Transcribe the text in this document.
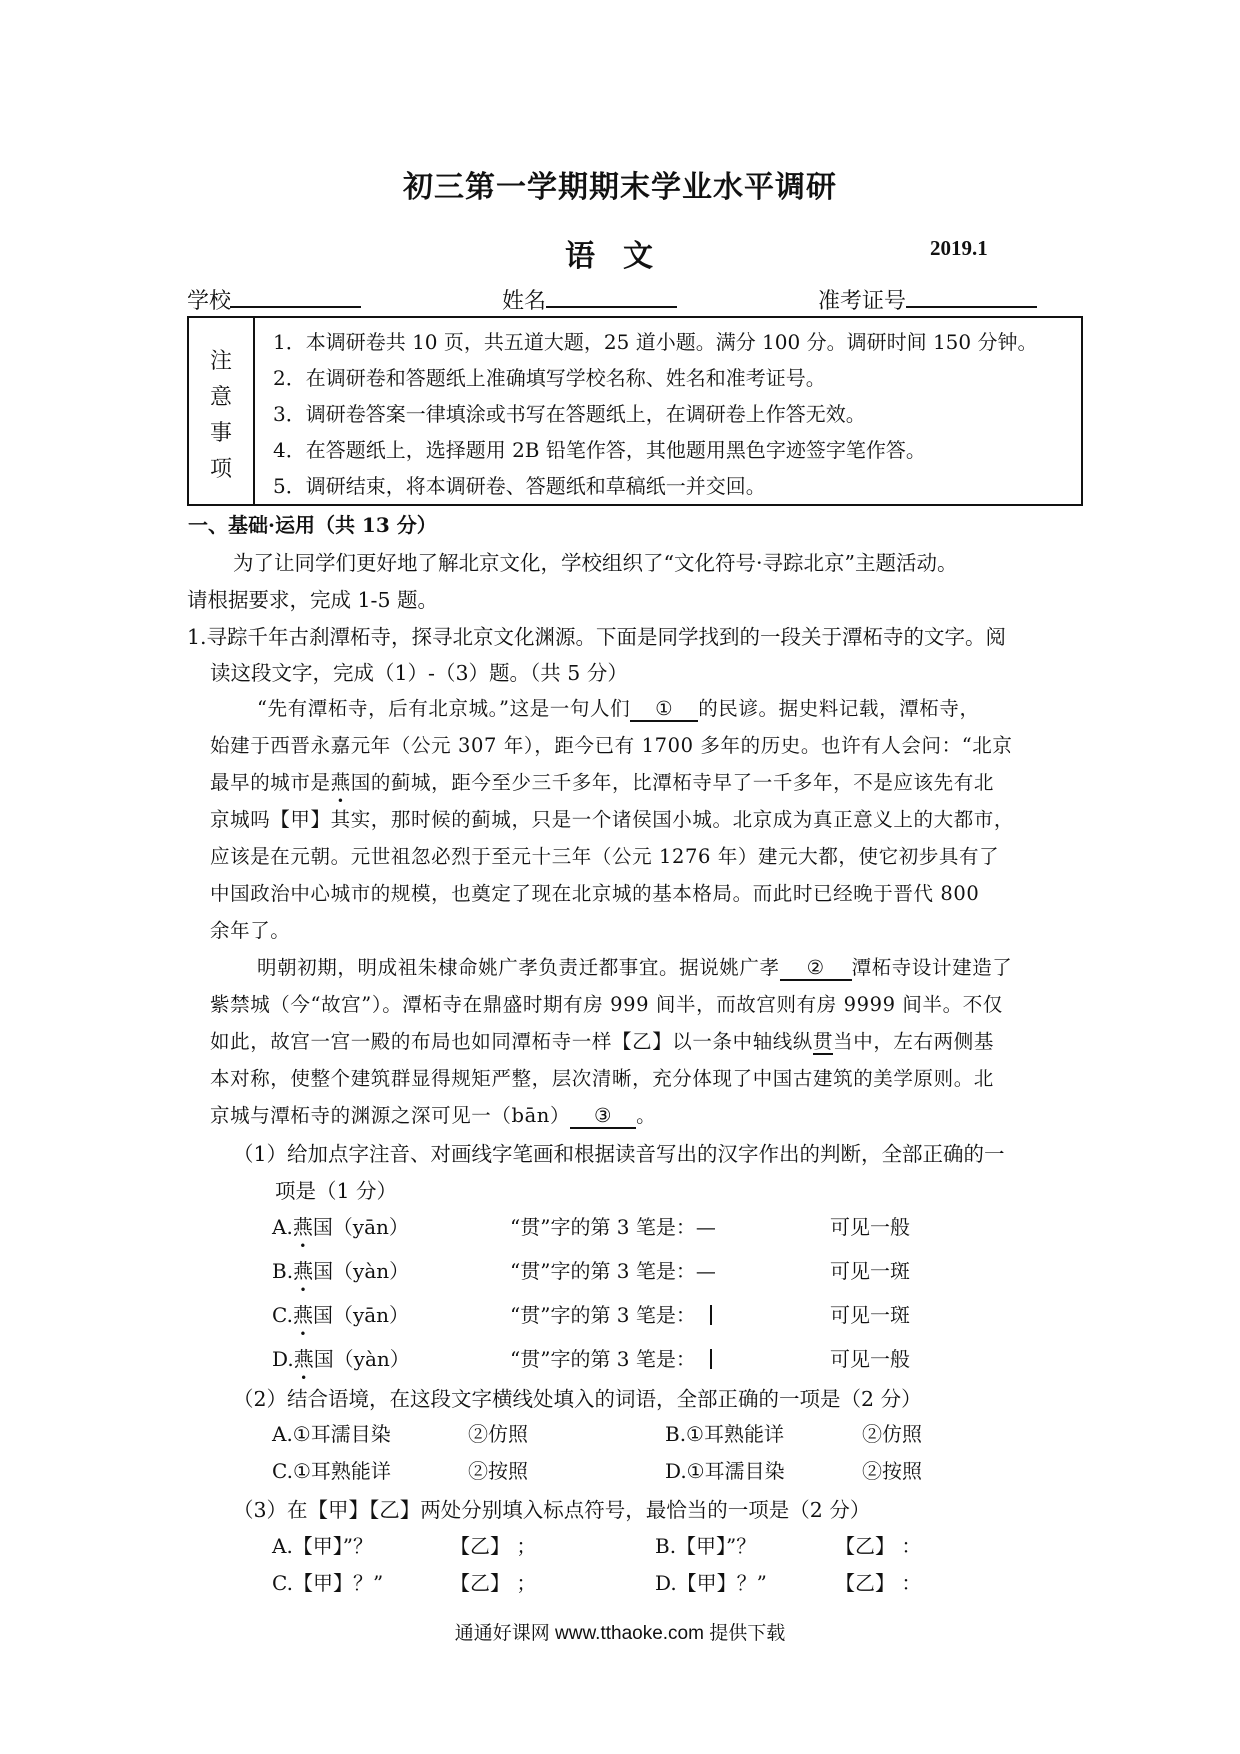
初三第一学期期末学业水平调研
语文	2019.1
学校	姓名	准考证号
注
意
事
项
1．本调研卷共 10 页，共五道大题，25 道小题。满分 100 分。调研时间 150 分钟。
2．在调研卷和答题纸上准确填写学校名称、姓名和准考证号。
3．调研卷答案一律填涂或书写在答题纸上，在调研卷上作答无效。
4．在答题纸上，选择题用 2B 铅笔作答，其他题用黑色字迹签字笔作答。
5．调研结束，将本调研卷、答题纸和草稿纸一并交回。
一、基础·运用（共 13 分）
为了让同学们更好地了解北京文化，学校组织了“文化符号·寻踪北京”主题活动。
请根据要求，完成 1-5 题。
1.寻踪千年古刹潭柘寺，探寻北京文化渊源。下面是同学找到的一段关于潭柘寺的文字。阅
读这段文字，完成（1）-（3）题。（共 5 分）
“先有潭柘寺，后有北京城。”这是一句人们 ① 的民谚。据史料记载，潭柘寺，
始建于西晋永嘉元年（公元 307 年），距今已有 1700 多年的历史。也许有人会问：“北京
最早的城市是燕国的蓟城，距今至少三千多年，比潭柘寺早了一千多年，不是应该先有北
京城吗【甲】其实，那时候的蓟城，只是一个诸侯国小城。北京成为真正意义上的大都市，
应该是在元朝。元世祖忽必烈于至元十三年（公元 1276 年）建元大都，使它初步具有了
中国政治中心城市的规模，也奠定了现在北京城的基本格局。而此时已经晚于晋代 800
余年了。
明朝初期，明成祖朱棣命姚广孝负责迁都事宜。据说姚广孝 ② 潭柘寺设计建造了
紫禁城（今“故宫”）。潭柘寺在鼎盛时期有房 999 间半，而故宫则有房 9999 间半。不仅
如此，故宫一宫一殿的布局也如同潭柘寺一样【乙】以一条中轴线纵贯当中，左右两侧基
本对称，使整个建筑群显得规矩严整，层次清晰，充分体现了中国古建筑的美学原则。北
京城与潭柘寺的渊源之深可见一（bān） ③ 。
（1）给加点字注音、对画线字笔画和根据读音写出的汉字作出的判断，全部正确的一
项是（1 分）
A.燕国（yān）	“贯”字的第 3 笔是：—	可见一般
B.燕国（yàn）	“贯”字的第 3 笔是：—	可见一斑
C.燕国（yān）	“贯”字的第 3 笔是：	可见一斑
D.燕国（yàn）	“贯”字的第 3 笔是：	可见一般
（2）结合语境，在这段文字横线处填入的词语，全部正确的一项是（2 分）
A.①耳濡目染	②仿照	B.①耳熟能详	②仿照
C.①耳熟能详	②按照	D.①耳濡目染	②按照
（3）在【甲】【乙】两处分别填入标点符号，最恰当的一项是（2 分）
A.【甲】”？	【乙】 ；	B.【甲】”？	【乙】 ：
C.【甲】？”	【乙】 ；	D.【甲】？”	【乙】 ：
通通好课网 www.tthaoke.com 提供下载
